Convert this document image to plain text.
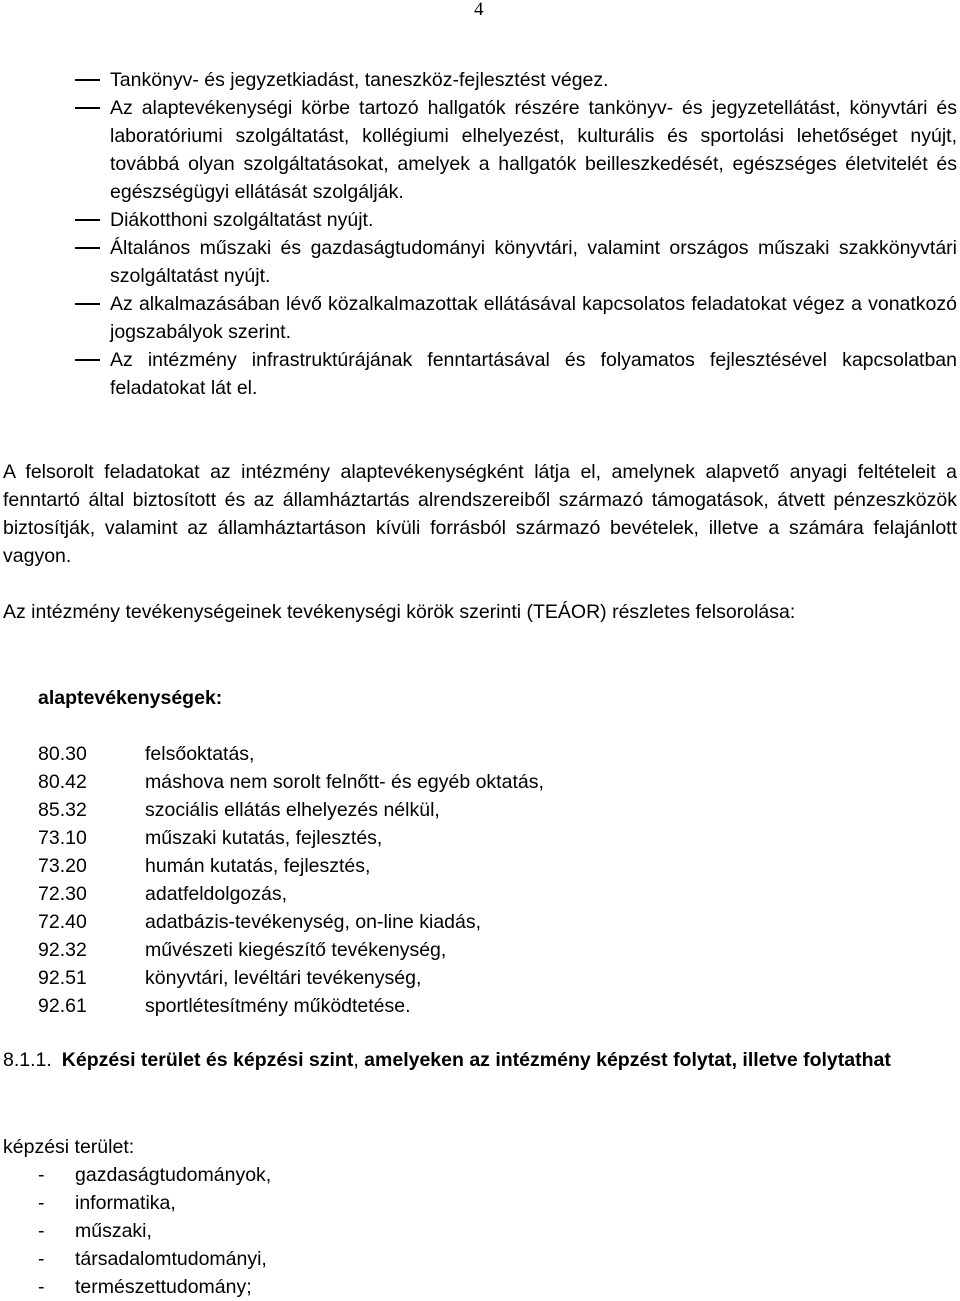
4
Tankönyv- és jegyzetkiadást, taneszköz-fejlesztést végez.
Az alaptevékenységi körbe tartozó hallgatók részére tankönyv- és jegyzetellátást, könyvtári és laboratóriumi szolgáltatást, kollégiumi elhelyezést, kulturális és sportolási lehetőséget nyújt, továbbá olyan szolgáltatásokat, amelyek a hallgatók beilleszkedését, egészséges életvitelét és egészségügyi ellátását szolgálják.
Diákotthoni szolgáltatást nyújt.
Általános műszaki és gazdaságtudományi könyvtári, valamint országos műszaki szakkönyvtári szolgáltatást nyújt.
Az alkalmazásában lévő közalkalmazottak ellátásával kapcsolatos feladatokat végez a vonatkozó jogszabályok szerint.
Az intézmény infrastruktúrájának fenntartásával és folyamatos fejlesztésével kapcsolatban feladatokat lát el.

A felsorolt feladatokat az intézmény alaptevékenységként látja el, amelynek alapvető anyagi feltételeit a fenntartó által biztosított és az államháztartás alrendszereiből származó támogatások, átvett pénzeszközök biztosítják, valamint az államháztartáson kívüli forrásból származó bevételek, illetve a számára felajánlott vagyon.

Az intézmény tevékenységeinek tevékenységi körök szerinti (TEÁOR) részletes felsorolása:

alaptevékenységek:

80.30	felsőoktatás,
80.42	máshova nem sorolt felnőtt- és egyéb oktatás,
85.32	szociális ellátás elhelyezés nélkül,
73.10	műszaki kutatás, fejlesztés,
73.20	humán kutatás, fejlesztés,
72.30	adatfeldolgozás,
72.40	adatbázis-tevékenység, on-line kiadás,
92.32	művészeti kiegészítő tevékenység,
92.51	könyvtári, levéltári tevékenység,
92.61	sportlétesítmény működtetése.

8.1.1. Képzési terület és képzési szint, amelyeken az intézmény képzést folytat, illetve folytathat

képzési terület:

-	gazdaságtudományok,
-	informatika,
-	műszaki,
-	társadalomtudományi,
-	természettudomány;
